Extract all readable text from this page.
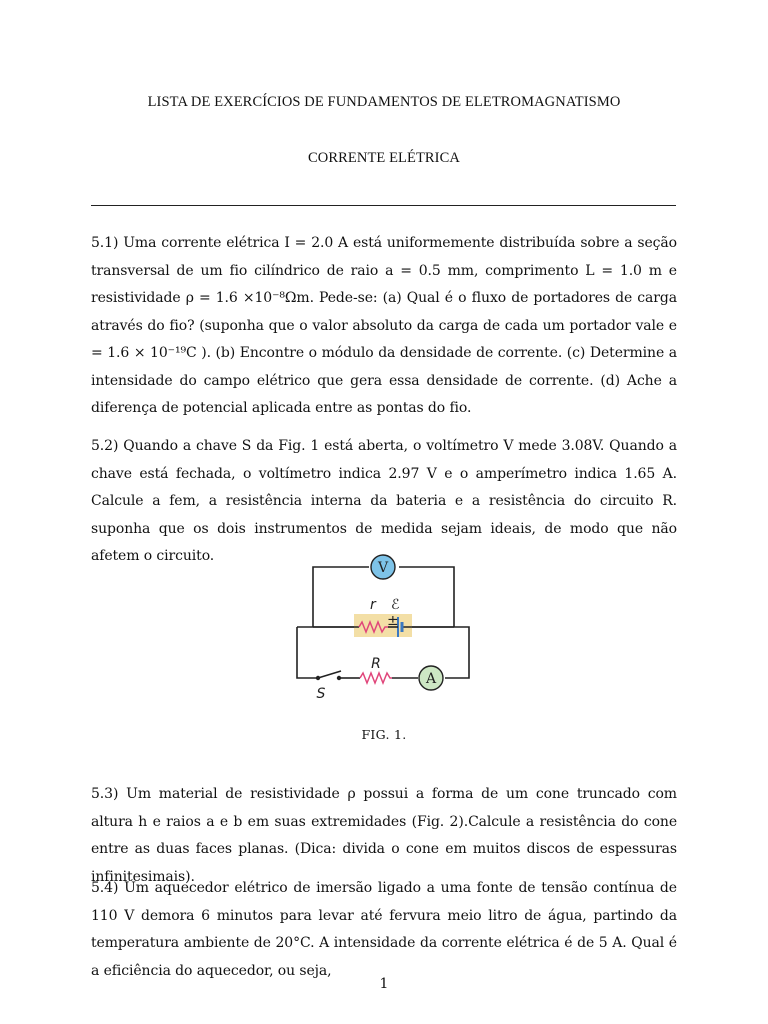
LISTA DE EXERCÍCIOS DE FUNDAMENTOS DE ELETROMAGNATISMO
CORRENTE ELÉTRICA

5.1) Uma corrente elétrica I = 2.0 A está uniformemente distribuída sobre a seção transversal de um fio cilíndrico de raio a = 0.5 mm, comprimento L = 1.0 m e resistividade ρ = 1.6 ×10⁻⁸Ωm. Pede-se: (a) Qual é o fluxo de portadores de carga através do fio? (suponha que o valor absoluto da carga de cada um portador vale e = 1.6 × 10⁻¹⁹C ). (b) Encontre o módulo da densidade de corrente. (c) Determine a intensidade do campo elétrico que gera essa densidade de corrente. (d) Ache a diferença de potencial aplicada entre as pontas do fio.

5.2) Quando a chave S da Fig. 1 está aberta, o voltímetro V mede 3.08V. Quando a chave está fechada, o voltímetro indica 2.97 V e o amperímetro indica 1.65 A. Calcule a fem, a resistência interna da bateria e a resistência do circuito R. suponha que os dois instrumentos de medida sejam ideais, de modo que não afetem o circuito.

±
r ℰ
V
S
R
A
FIG. 1.

5.3) Um material de resistividade ρ possui a forma de um cone truncado com altura h e raios a e b em suas extremidades (Fig. 2).Calcule a resistência do cone entre as duas faces planas. (Dica: divida o cone em muitos discos de espessuras infinitesimais).

5.4) Um aquecedor elétrico de imersão ligado a uma fonte de tensão contínua de 110 V demora 6 minutos para levar até fervura meio litro de água, partindo da temperatura ambiente de 20°C. A intensidade da corrente elétrica é de 5 A. Qual é a eficiência do aquecedor, ou seja,

1
